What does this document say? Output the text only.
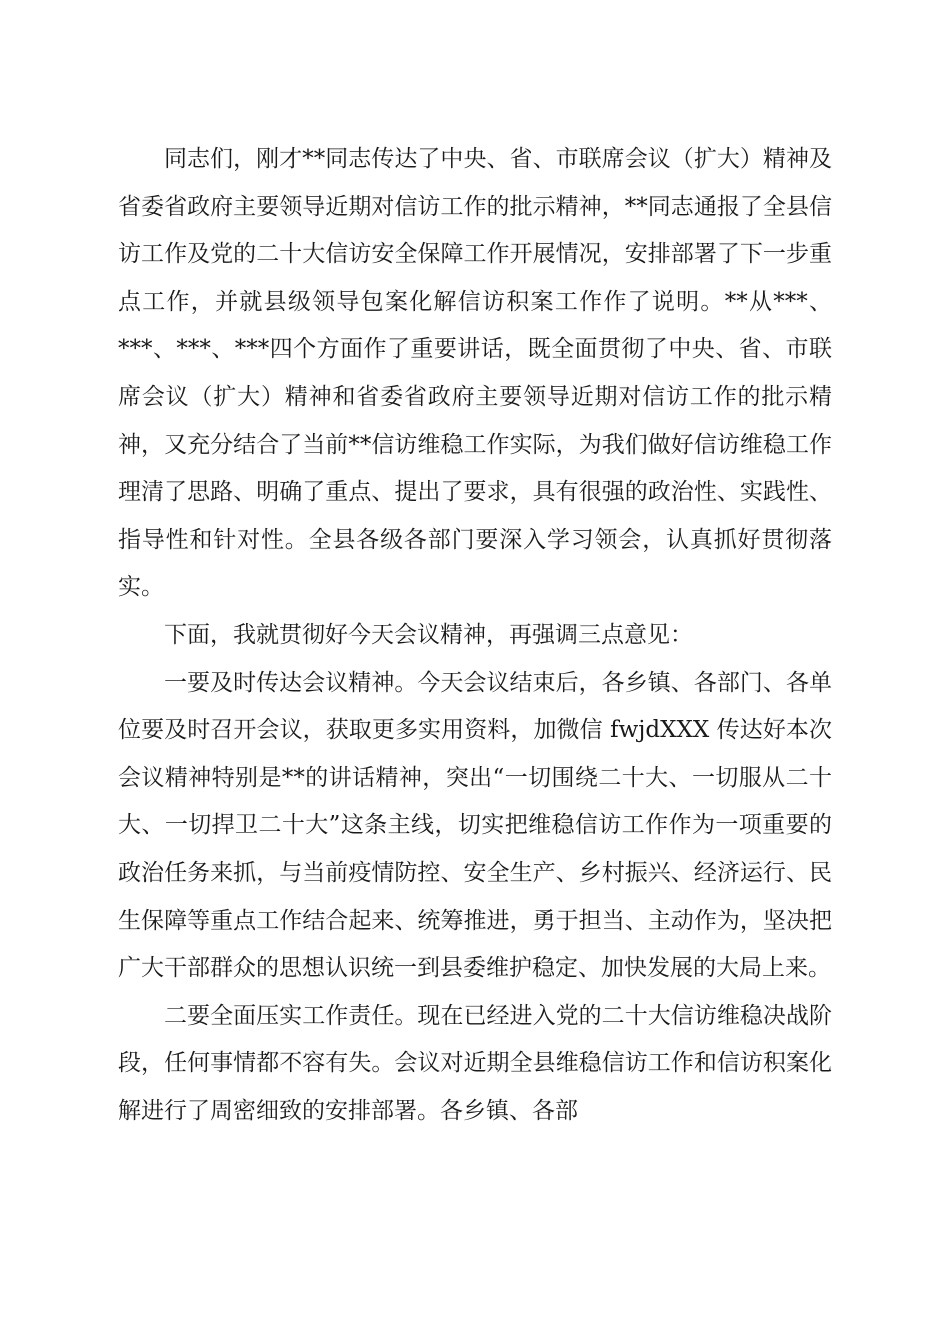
同志们，刚才**同志传达了中央、省、市联席会议（扩大）精神及省委省政府主要领导近期对信访工作的批示精神，**同志通报了全县信访工作及党的二十大信访安全保障工作开展情况，安排部署了下一步重点工作，并就县级领导包案化解信访积案工作作了说明。**从***、***、***、***四个方面作了重要讲话，既全面贯彻了中央、省、市联席会议（扩大）精神和省委省政府主要领导近期对信访工作的批示精神，又充分结合了当前**信访维稳工作实际，为我们做好信访维稳工作理清了思路、明确了重点、提出了要求，具有很强的政治性、实践性、指导性和针对性。全县各级各部门要深入学习领会，认真抓好贯彻落实。

下面，我就贯彻好今天会议精神，再强调三点意见：

一要及时传达会议精神。今天会议结束后，各乡镇、各部门、各单位要及时召开会议，获取更多实用资料，加微信 fwjdXXX 传达好本次会议精神特别是**的讲话精神，突出“一切围绕二十大、一切服从二十大、一切捍卫二十大”这条主线，切实把维稳信访工作作为一项重要的政治任务来抓，与当前疫情防控、安全生产、乡村振兴、经济运行、民生保障等重点工作结合起来、统筹推进，勇于担当、主动作为，坚决把广大干部群众的思想认识统一到县委维护稳定、加快发展的大局上来。

二要全面压实工作责任。现在已经进入党的二十大信访维稳决战阶段，任何事情都不容有失。会议对近期全县维稳信访工作和信访积案化解进行了周密细致的安排部署。各乡镇、各部
